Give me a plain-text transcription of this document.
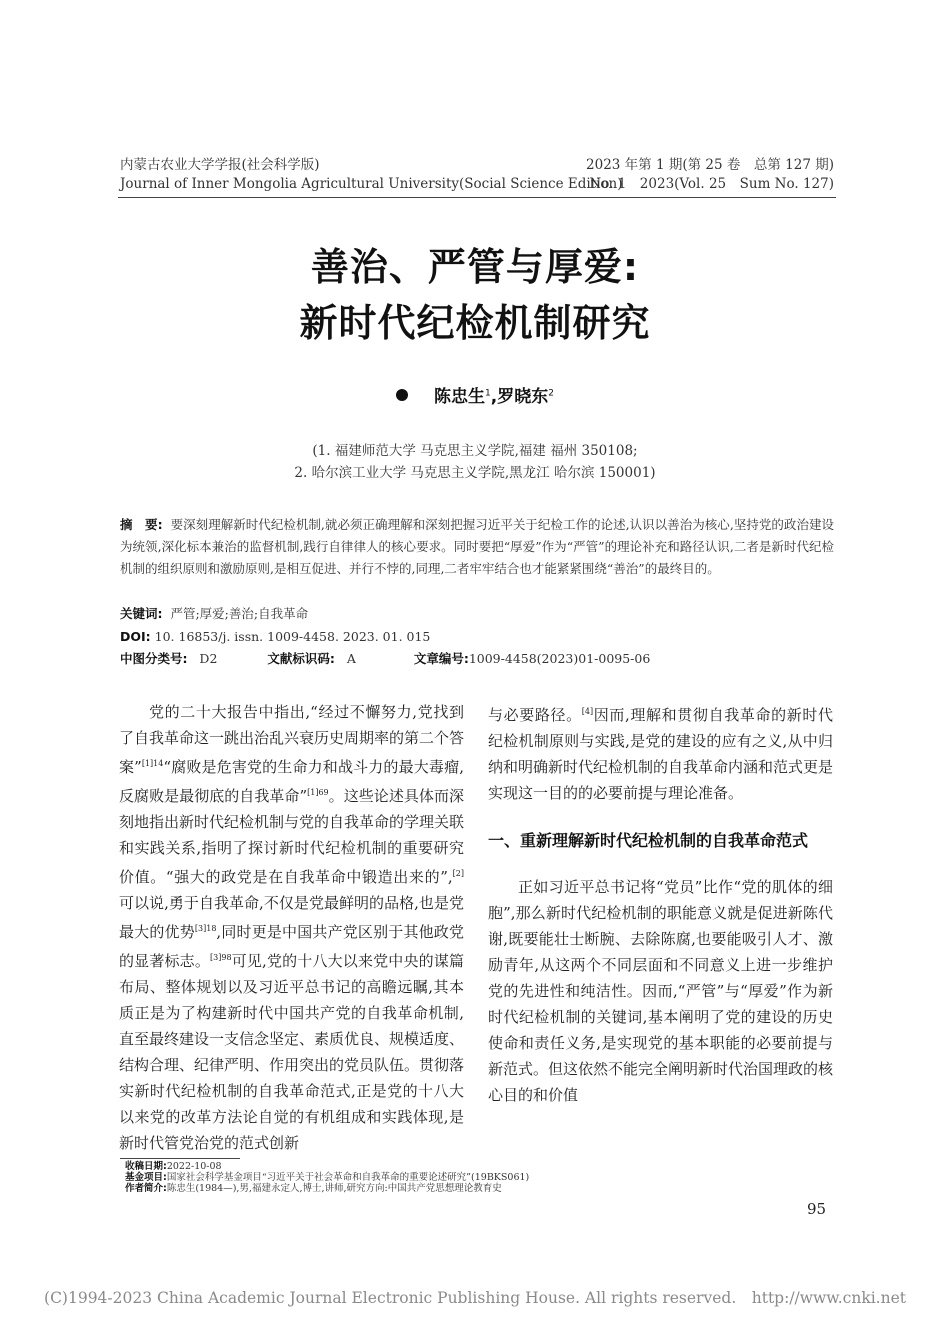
内蒙古农业大学学报(社会科学版)
Journal of Inner Mongolia Agricultural University(Social Science Edition)
2023 年第 1 期(第 25 卷　总第 127 期)
No. 1　2023(Vol. 25　Sum No. 127)
善治、严管与厚爱:
新时代纪检机制研究
陈忠生$^1$,罗晓东$^2$
(1. 福建师范大学 马克思主义学院,福建 福州 350108;
2. 哈尔滨工业大学 马克思主义学院,黑龙江 哈尔滨 150001)
摘　要: 要深刻理解新时代纪检机制,就必须正确理解和深刻把握习近平关于纪检工作的论述,认识以善治为核心,坚持党的政治建设为统领,深化标本兼治的监督机制,践行自律律人的核心要求。同时要把“厚爱”作为“严管”的理论补充和路径认识,二者是新时代纪检机制的组织原则和激励原则,是相互促进、并行不悖的,同理,二者牢牢结合也才能紧紧围绕“善治”的最终目的。
关键词: 严管;厚爱;善治;自我革命
DOI: 10. 16853/j. issn. 1009-4458. 2023. 01. 015
中图分类号: D2	文献标识码: A	文章编号:1009-4458(2023)01-0095-06

党的二十大报告中指出,“经过不懈努力,党找到了自我革命这一跳出治乱兴衰历史周期率的第二个答案”$^{[1]14}$“腐败是危害党的生命力和战斗力的最大毒瘤,反腐败是最彻底的自我革命”$^{[1]69}$。这些论述具体而深刻地指出新时代纪检机制与党的自我革命的学理关联和实践关系,指明了探讨新时代纪检机制的重要研究价值。“强大的政党是在自我革命中锻造出来的”,[2]可以说,勇于自我革命,不仅是党最鲜明的品格,也是党最大的优势$^{[3]18}$,同时更是中国共产党区别于其他政党的显著标志。$^{[3]98}$可见,党的十八大以来党中央的谋篇布局、整体规划以及习近平总书记的高瞻远瞩,其本质正是为了构建新时代中国共产党的自我革命机制,直至最终建设一支信念坚定、素质优良、规模适度、结构合理、纪律严明、作用突出的党员队伍。贯彻落实新时代纪检机制的自我革命范式,正是党的十八大以来党的改革方法论自觉的有机组成和实践体现,是新时代管党治党的范式创新

与必要路径。[4]因而,理解和贯彻自我革命的新时代纪检机制原则与实践,是党的建设的应有之义,从中归纳和明确新时代纪检机制的自我革命内涵和范式更是实现这一目的的必要前提与理论准备。

一、重新理解新时代纪检机制的自我革命范式

正如习近平总书记将“党员”比作“党的肌体的细胞”,那么新时代纪检机制的职能意义就是促进新陈代谢,既要能壮士断腕、去除陈腐,也要能吸引人才、激励青年,从这两个不同层面和不同意义上进一步维护党的先进性和纯洁性。因而,“严管”与“厚爱”作为新时代纪检机制的关键词,基本阐明了党的建设的历史使命和责任义务,是实现党的基本职能的必要前提与新范式。但这依然不能完全阐明新时代治国理政的核心目的和价值

收稿日期:2022-10-08
基金项目:国家社会科学基金项目“习近平关于社会革命和自我革命的重要论述研究”(19BKS061)
作者简介:陈忠生(1984—),男,福建永定人,博士,讲师,研究方向:中国共产党思想理论教育史
95
(C)1994-2023 China Academic Journal Electronic Publishing House. All rights reserved.　http://www.cnki.net
